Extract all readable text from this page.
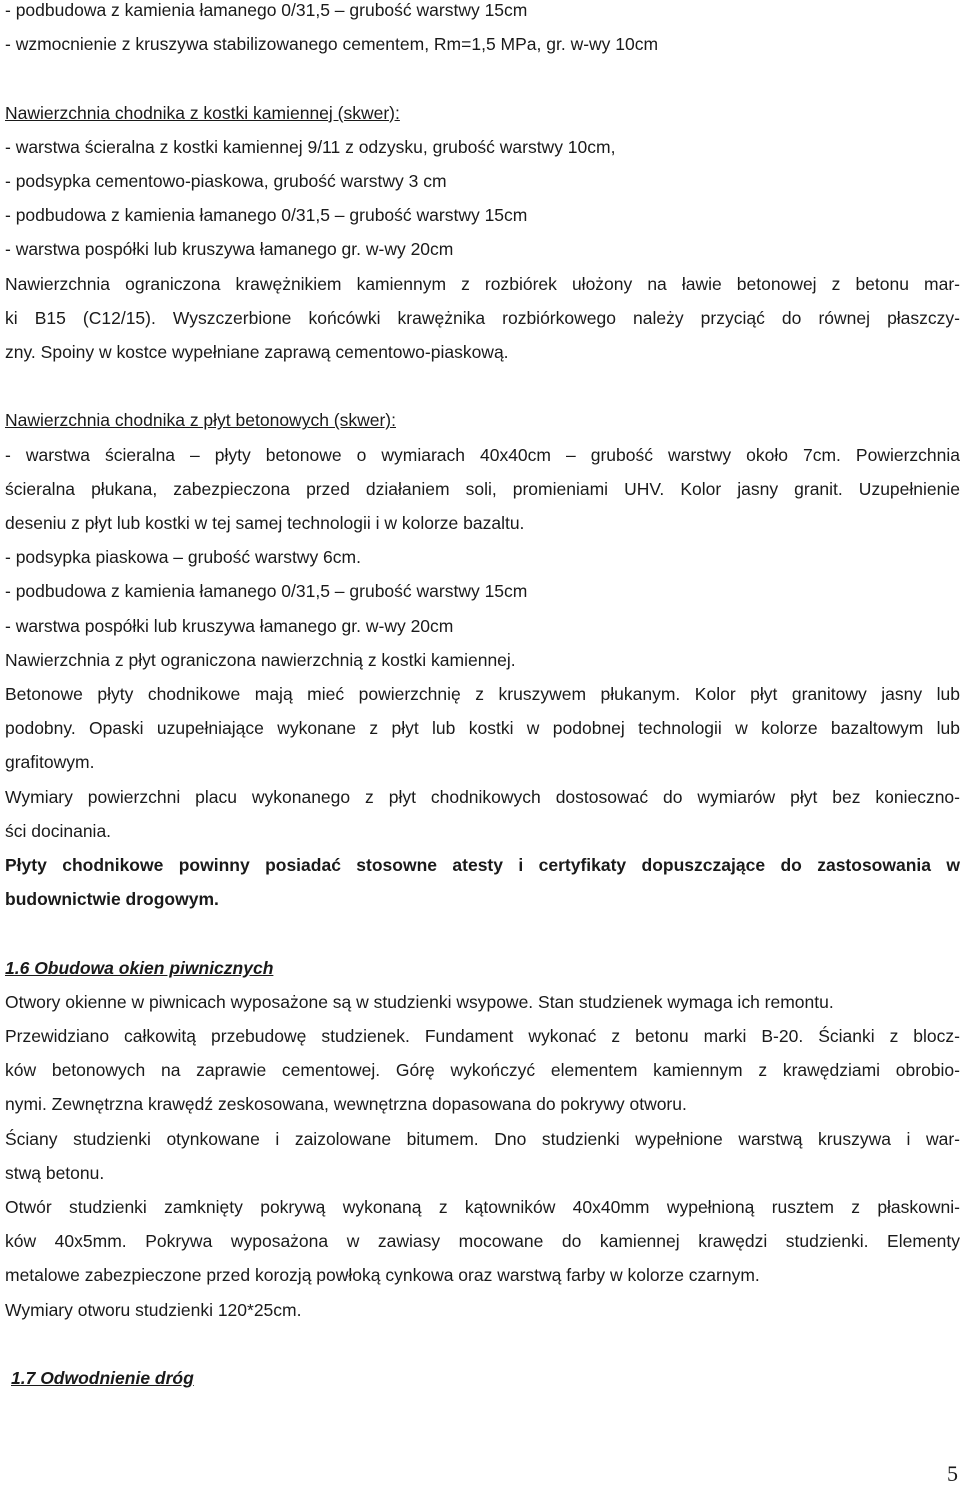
- podbudowa z kamienia łamanego 0/31,5 – grubość warstwy 15cm
- wzmocnienie z kruszywa stabilizowanego cementem, Rm=1,5 MPa, gr. w-wy 10cm
Nawierzchnia chodnika z kostki kamiennej (skwer):
- warstwa ścieralna z kostki kamiennej 9/11 z odzysku, grubość warstwy 10cm,
- podsypka cementowo-piaskowa, grubość warstwy 3 cm
- podbudowa z kamienia łamanego 0/31,5 – grubość warstwy 15cm
- warstwa pospółki lub kruszywa łamanego gr. w-wy 20cm
Nawierzchnia ograniczona krawężnikiem kamiennym z rozbiórek ułożony na ławie betonowej z betonu mar-
ki B15 (C12/15). Wyszczerbione końcówki krawężnika rozbiórkowego należy przyciąć do równej płaszczy-
zny. Spoiny w kostce wypełniane zaprawą cementowo-piaskową.
Nawierzchnia chodnika z płyt betonowych (skwer):
- warstwa ścieralna – płyty betonowe o wymiarach 40x40cm – grubość warstwy około 7cm. Powierzchnia
ścieralna płukana, zabezpieczona przed działaniem soli, promieniami UHV. Kolor jasny granit. Uzupełnienie
deseniu z płyt lub kostki w tej samej technologii i w kolorze bazaltu.
- podsypka piaskowa – grubość warstwy 6cm.
- podbudowa z kamienia łamanego 0/31,5 – grubość warstwy 15cm
- warstwa pospółki lub kruszywa łamanego gr. w-wy 20cm
Nawierzchnia z płyt ograniczona nawierzchnią z kostki kamiennej.
Betonowe płyty chodnikowe mają mieć powierzchnię z kruszywem płukanym. Kolor płyt granitowy jasny lub
podobny. Opaski uzupełniające wykonane z płyt lub kostki w podobnej technologii w kolorze bazaltowym lub
grafitowym.
Wymiary powierzchni placu wykonanego z płyt chodnikowych dostosować do wymiarów płyt bez konieczno-
ści docinania.
Płyty chodnikowe powinny posiadać stosowne atesty i certyfikaty dopuszczające do zastosowania w
budownictwie drogowym.
1.6 Obudowa okien piwnicznych
Otwory okienne w piwnicach wyposażone są w studzienki wsypowe. Stan studzienek wymaga ich remontu.
Przewidziano całkowitą przebudowę studzienek. Fundament wykonać z betonu marki B-20. Ścianki z blocz-
ków betonowych na zaprawie cementowej. Górę wykończyć elementem kamiennym z krawędziami obrobio-
nymi. Zewnętrzna krawędź zeskosowana, wewnętrzna dopasowana do pokrywy otworu.
Ściany studzienki otynkowane i zaizolowane bitumem. Dno studzienki wypełnione warstwą kruszywa i war-
stwą betonu.
Otwór studzienki zamknięty pokrywą wykonaną z kątowników 40x40mm wypełnioną rusztem z płaskowni-
ków 40x5mm. Pokrywa wyposażona w zawiasy mocowane do kamiennej krawędzi studzienki. Elementy
metalowe zabezpieczone przed korozją powłoką cynkowa oraz warstwą farby w kolorze czarnym.
Wymiary otworu studzienki 120*25cm.
1.7 Odwodnienie dróg
5
